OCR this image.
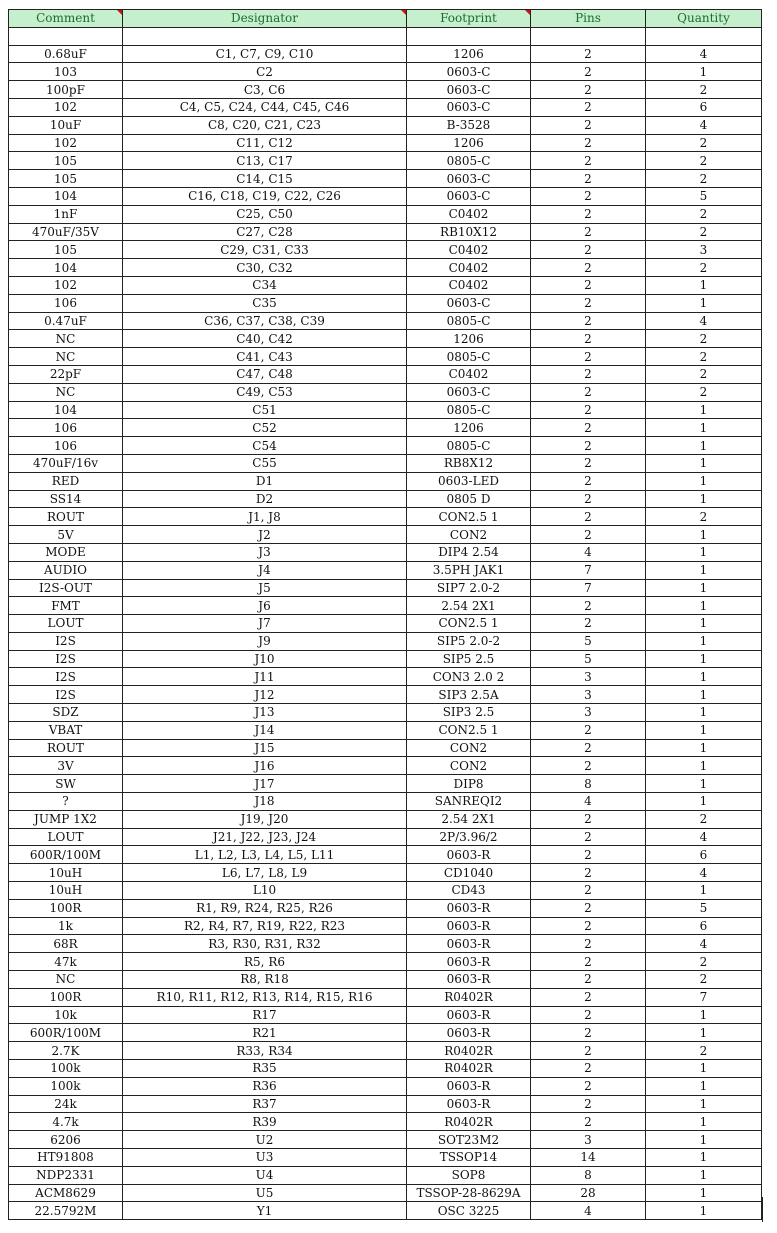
Comment	Designator	Footprint	Pins	Quantity

0.68uF	C1, C7, C9, C10	1206	2	4
103	C2	0603-C	2	1
100pF	C3, C6	0603-C	2	2
102	C4, C5, C24, C44, C45, C46	0603-C	2	6
10uF	C8, C20, C21, C23	B-3528	2	4
102	C11, C12	1206	2	2
105	C13, C17	0805-C	2	2
105	C14, C15	0603-C	2	2
104	C16, C18, C19, C22, C26	0603-C	2	5
1nF	C25, C50	C0402	2	2
470uF/35V	C27, C28	RB10X12	2	2
105	C29, C31, C33	C0402	2	3
104	C30, C32	C0402	2	2
102	C34	C0402	2	1
106	C35	0603-C	2	1
0.47uF	C36, C37, C38, C39	0805-C	2	4
NC	C40, C42	1206	2	2
NC	C41, C43	0805-C	2	2
22pF	C47, C48	C0402	2	2
NC	C49, C53	0603-C	2	2
104	C51	0805-C	2	1
106	C52	1206	2	1
106	C54	0805-C	2	1
470uF/16v	C55	RB8X12	2	1
RED	D1	0603-LED	2	1
SS14	D2	0805 D	2	1
ROUT	J1, J8	CON2.5 1	2	2
5V	J2	CON2	2	1
MODE	J3	DIP4 2.54	4	1
AUDIO	J4	3.5PH JAK1	7	1
I2S-OUT	J5	SIP7 2.0-2	7	1
FMT	J6	2.54 2X1	2	1
LOUT	J7	CON2.5 1	2	1
I2S	J9	SIP5 2.0-2	5	1
I2S	J10	SIP5 2.5	5	1
I2S	J11	CON3 2.0 2	3	1
I2S	J12	SIP3 2.5A	3	1
SDZ	J13	SIP3 2.5	3	1
VBAT	J14	CON2.5 1	2	1
ROUT	J15	CON2	2	1
3V	J16	CON2	2	1
SW	J17	DIP8	8	1
?	J18	SANREQI2	4	1
JUMP 1X2	J19, J20	2.54 2X1	2	2
LOUT	J21, J22, J23, J24	2P/3.96/2	2	4
600R/100M	L1, L2, L3, L4, L5, L11	0603-R	2	6
10uH	L6, L7, L8, L9	CD1040	2	4
10uH	L10	CD43	2	1
100R	R1, R9, R24, R25, R26	0603-R	2	5
1k	R2, R4, R7, R19, R22, R23	0603-R	2	6
68R	R3, R30, R31, R32	0603-R	2	4
47k	R5, R6	0603-R	2	2
NC	R8, R18	0603-R	2	2
100R	R10, R11, R12, R13, R14, R15, R16	R0402R	2	7
10k	R17	0603-R	2	1
600R/100M	R21	0603-R	2	1
2.7K	R33, R34	R0402R	2	2
100k	R35	R0402R	2	1
100k	R36	0603-R	2	1
24k	R37	0603-R	2	1
4.7k	R39	R0402R	2	1
6206	U2	SOT23M2	3	1
HT91808	U3	TSSOP14	14	1
NDP2331	U4	SOP8	8	1
ACM8629	U5	TSSOP-28-8629A	28	1
22.5792M	Y1	OSC 3225	4	1
